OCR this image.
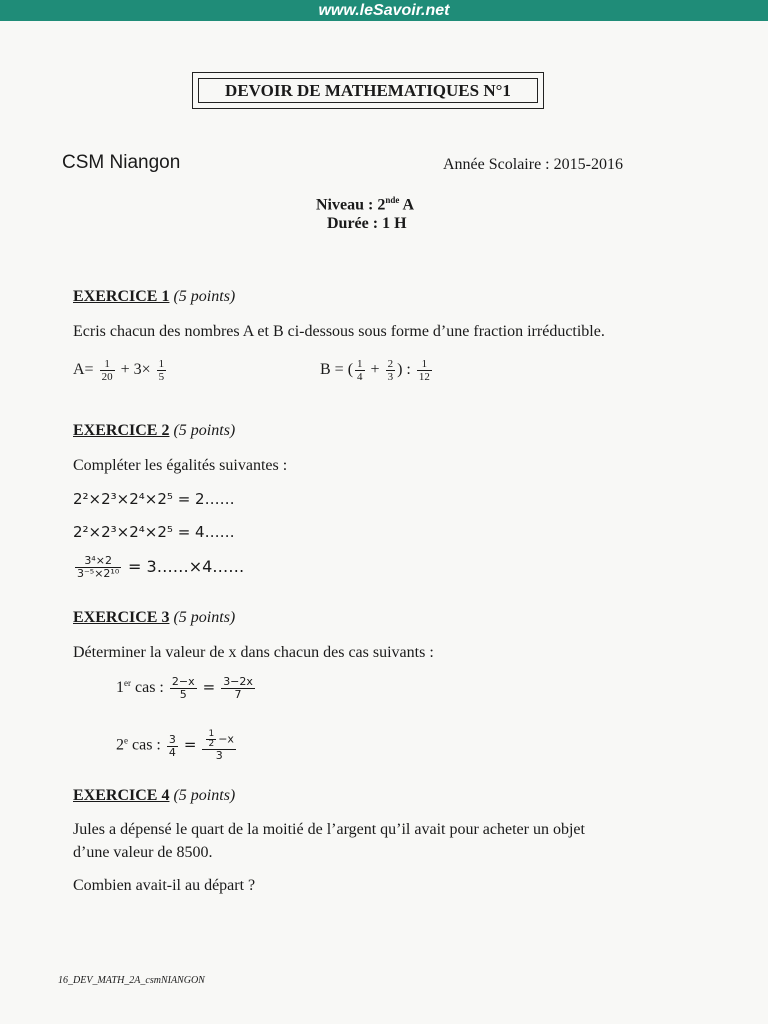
www.leSavoir.net
DEVOIR DE MATHEMATIQUES N°1
CSM Niangon	Année Scolaire : 2015-2016
Niveau : 2nde A
Durée : 1 H
EXERCICE 1 (5 points)
Ecris chacun des nombres A et B ci-dessous sous forme d’une fraction irréductible.
$A= \frac{1}{20} + 3\times \frac{1}{5}$	B = ( $\frac{1}{4} + \frac{2}{3}$ ) : $\frac{1}{12}$
EXERCICE 2 (5 points)
Compléter les égalités suivantes :
2²×2³×2⁴×2⁵ = 2……
2²×2³×2⁴×2⁵ = 4……
$\frac{\text{3⁴×2}}{\text{3⁻⁵×2¹⁰}}$ = 3……×4……
EXERCICE 3 (5 points)
Déterminer la valeur de x dans chacun des cas suivants :
1er cas : $\frac{2-x}{5} = \frac{3-2x}{7}$
2e cas : $\frac{3}{4} = \frac{\frac{1}{2} -x}{3}$
EXERCICE 4 (5 points)
Jules a dépensé le quart de la moitié de l’argent qu’il avait pour acheter un objet
d’une valeur de 8500.
Combien avait-il au départ ?
16_DEV_MATH_2A_csmNIANGON
